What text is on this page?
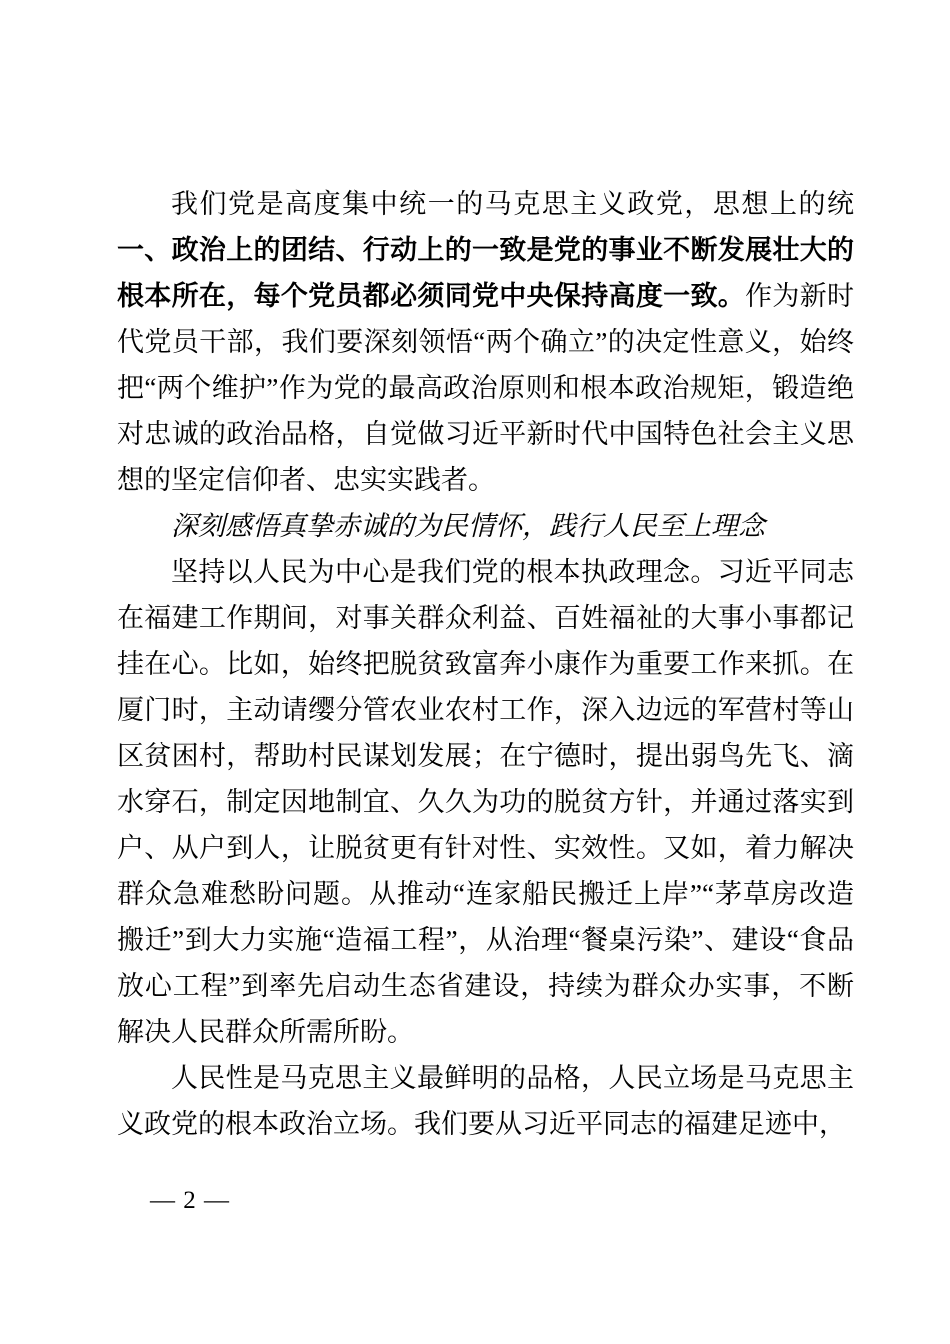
我们党是高度集中统一的马克思主义政党，思想上的统一、政治上的团结、行动上的一致是党的事业不断发展壮大的根本所在，每个党员都必须同党中央保持高度一致。作为新时代党员干部，我们要深刻领悟“两个确立”的决定性意义，始终把“两个维护”作为党的最高政治原则和根本政治规矩，锻造绝对忠诚的政治品格，自觉做习近平新时代中国特色社会主义思想的坚定信仰者、忠实实践者。

深刻感悟真挚赤诚的为民情怀，践行人民至上理念

坚持以人民为中心是我们党的根本执政理念。习近平同志在福建工作期间，对事关群众利益、百姓福祉的大事小事都记挂在心。比如，始终把脱贫致富奔小康作为重要工作来抓。在厦门时，主动请缨分管农业农村工作，深入边远的军营村等山区贫困村，帮助村民谋划发展；在宁德时，提出弱鸟先飞、滴水穿石，制定因地制宜、久久为功的脱贫方针，并通过落实到户、从户到人，让脱贫更有针对性、实效性。又如，着力解决群众急难愁盼问题。从推动“连家船民搬迁上岸”“茅草房改造搬迁”到大力实施“造福工程”，从治理“餐桌污染”、建设“食品放心工程”到率先启动生态省建设，持续为群众办实事，不断解决人民群众所需所盼。

人民性是马克思主义最鲜明的品格，人民立场是马克思主义政党的根本政治立场。我们要从习近平同志的福建足迹中，

— 2 —
